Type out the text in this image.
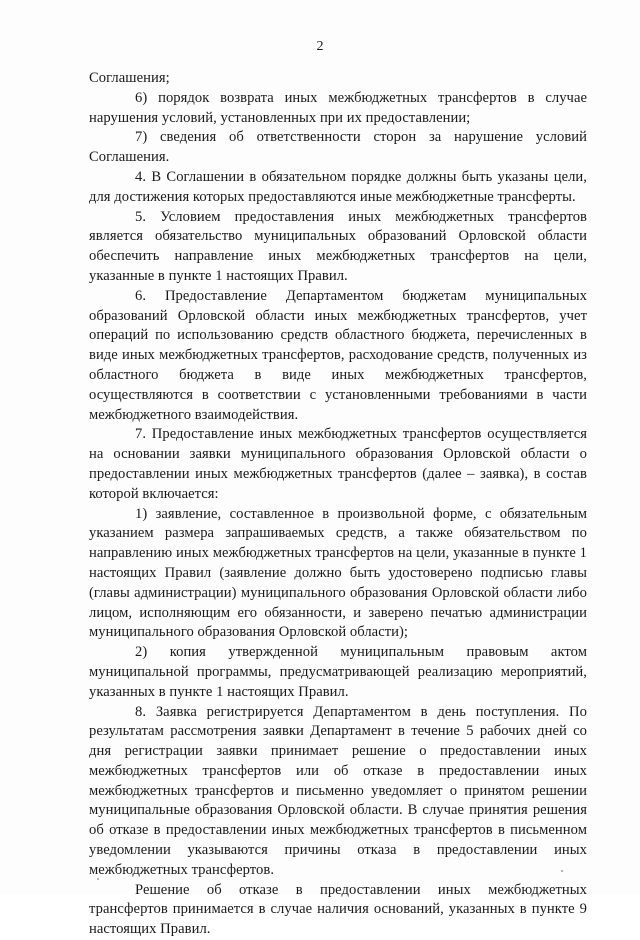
2

Соглашения;

6) порядок возврата иных межбюджетных трансфертов в случае нарушения условий, установленных при их предоставлении;

7) сведения об ответственности сторон за нарушение условий Соглашения.

4. В Соглашении в обязательном порядке должны быть указаны цели, для достижения которых предоставляются иные межбюджетные трансферты.

5. Условием предоставления иных межбюджетных трансфертов является обязательство муниципальных образований Орловской области обеспечить направление иных межбюджетных трансфертов на цели, указанные в пункте 1 настоящих Правил.

6. Предоставление Департаментом бюджетам муниципальных образований Орловской области иных межбюджетных трансфертов, учет операций по использованию средств областного бюджета, перечисленных в виде иных межбюджетных трансфертов, расходование средств, полученных из областного бюджета в виде иных межбюджетных трансфертов, осуществляются в соответствии с установленными требованиями в части межбюджетного взаимодействия.

7. Предоставление иных межбюджетных трансфертов осуществляется на основании заявки муниципального образования Орловской области о предоставлении иных межбюджетных трансфертов (далее – заявка), в состав которой включается:

1) заявление, составленное в произвольной форме, с обязательным указанием размера запрашиваемых средств, а также обязательством по направлению иных межбюджетных трансфертов на цели, указанные в пункте 1 настоящих Правил (заявление должно быть удостоверено подписью главы (главы администрации) муниципального образования Орловской области либо лицом, исполняющим его обязанности, и заверено печатью администрации муниципального образования Орловской области);

2) копия утвержденной муниципальным правовым актом муниципальной программы, предусматривающей реализацию мероприятий, указанных в пункте 1 настоящих Правил.

8. Заявка регистрируется Департаментом в день поступления. По результатам рассмотрения заявки Департамент в течение 5 рабочих дней со дня регистрации заявки принимает решение о предоставлении иных межбюджетных трансфертов или об отказе в предоставлении иных межбюджетных трансфертов и письменно уведомляет о принятом решении муниципальные образования Орловской области. В случае принятия решения об отказе в предоставлении иных межбюджетных трансфертов в письменном уведомлении указываются причины отказа в предоставлении иных межбюджетных трансфертов.

Решение об отказе в предоставлении иных межбюджетных трансфертов принимается в случае наличия оснований, указанных в пункте 9 настоящих Правил.
